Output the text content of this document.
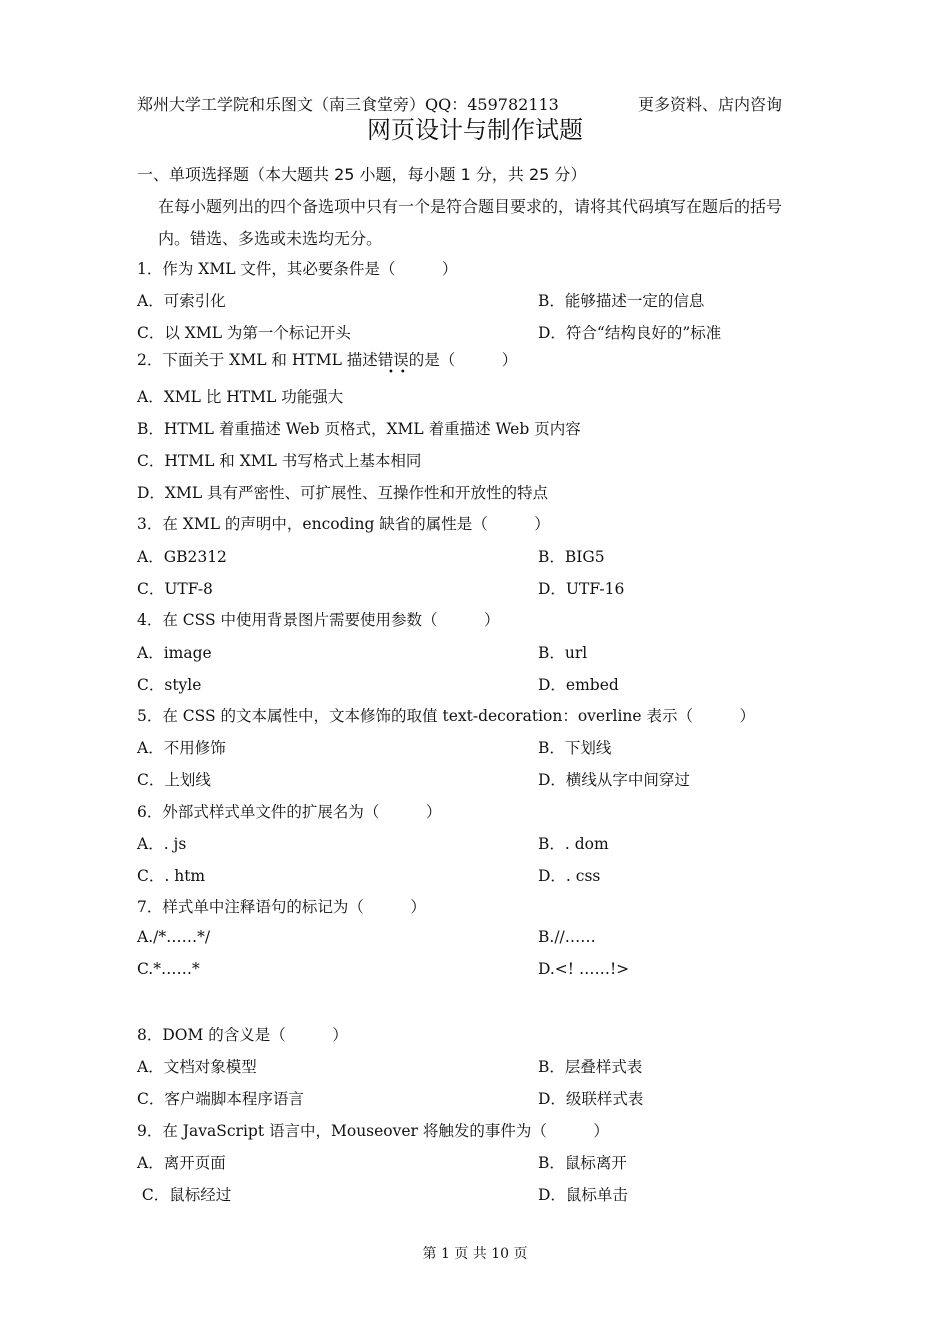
郑州大学工学院和乐图文（南三食堂旁）QQ：459782113	更多资料、店内咨询
网页设计与制作试题
一、单项选择题（本大题共 25 小题，每小题 1 分，共 25 分）
在每小题列出的四个备选项中只有一个是符合题目要求的，请将其代码填写在题后的括号
内。错选、多选或未选均无分。
1．作为 XML 文件，其必要条件是（　　　）
A．可索引化	B．能够描述一定的信息
C．以 XML 为第一个标记开头	D．符合“结构良好的”标准
2．下面关于 XML 和 HTML 描述错误的是（　　　）
••
A．XML 比 HTML 功能强大
B．HTML 着重描述 Web 页格式，XML 着重描述 Web 页内容
C．HTML 和 XML 书写格式上基本相同
D．XML 具有严密性、可扩展性、互操作性和开放性的特点
3．在 XML 的声明中，encoding 缺省的属性是（　　　）
A．GB2312	B．BIG5
C．UTF-8	D．UTF-16
4．在 CSS 中使用背景图片需要使用参数（　　　）
A．image	B．url
C．style	D．embed
5．在 CSS 的文本属性中，文本修饰的取值 text-decoration：overline 表示（　　　）
A．不用修饰	B．下划线
C．上划线	D．横线从字中间穿过
6．外部式样式单文件的扩展名为（　　　）
A．. js	B．. dom
C．. htm	D．. css
7．样式单中注释语句的标记为（　　　）
A./*……*/	B.//……
C.*……*	D.<! ……!>
8．DOM 的含义是（　　　）
A．文档对象模型	B．层叠样式表
C．客户端脚本程序语言	D．级联样式表
9．在 JavaScript 语言中，Mouseover 将触发的事件为（　　　）
A．离开页面	B．鼠标离开
C．鼠标经过	D．鼠标单击
第 1 页 共 10 页
